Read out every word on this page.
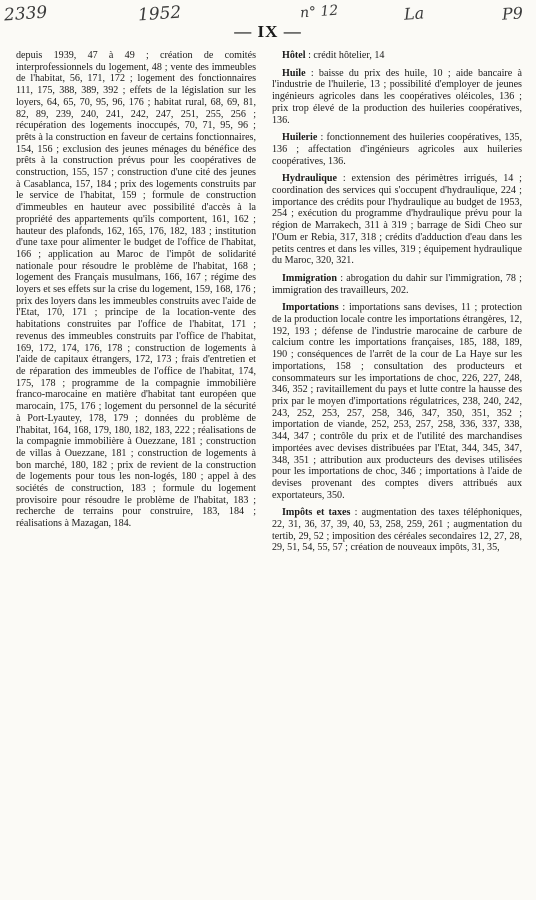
2339	1952	n° 12	La	P9
— IX —

depuis 1939, 47 à 49 ; création de comités interprofessionnels du logement, 48 ; vente des immeubles de l'habitat, 56, 171, 172 ; logement des fonctionnaires 111, 175, 388, 389, 392 ; effets de la législation sur les loyers, 64, 65, 70, 95, 96, 176 ; habitat rural, 68, 69, 81, 82, 89, 239, 240, 241, 242, 247, 251, 255, 256 ; récupération des logements inoccupés, 70, 71, 95, 96 ; prêts à la construction en faveur de certains fonctionnaires, 154, 156 ; exclusion des jeunes ménages du bénéfice des prêts à la construction prévus pour les coopératives de construction, 155, 157 ; construction d'une cité des jeunes à Casablanca, 157, 184 ; prix des logements construits par le service de l'habitat, 159 ; formule de construction d'immeubles en hauteur avec possibilité d'accès à la propriété des appartements qu'ils comportent, 161, 162 ; hauteur des plafonds, 162, 165, 176, 182, 183 ; institution d'une taxe pour alimenter le budget de l'office de l'habitat, 166 ; application au Maroc de l'impôt de solidarité nationale pour résoudre le problème de l'habitat, 168 ; logement des Français musulmans, 166, 167 ; régime des loyers et ses effets sur la crise du logement, 159, 168, 176 ; prix des loyers dans les immeubles construits avec l'aide de l'Etat, 170, 171 ; principe de la location-vente des habitations construites par l'office de l'habitat, 171 ; revenus des immeubles construits par l'office de l'habitat, 169, 172, 174, 176, 178 ; construction de logements à l'aide de capitaux étrangers, 172, 173 ; frais d'entretien et de réparation des immeubles de l'office de l'habitat, 174, 175, 178 ; programme de la compagnie immobilière franco-marocaine en matière d'habitat tant européen que marocain, 175, 176 ; logement du personnel de la sécurité à Port-Lyautey, 178, 179 ; données du problème de l'habitat, 164, 168, 179, 180, 182, 183, 222 ; réalisations de la compagnie immobilière à Ouezzane, 181 ; construction de villas à Ouezzane, 181 ; construction de logements à bon marché, 180, 182 ; prix de revient de la construction de logements pour tous les non-logés, 180 ; appel à des sociétés de construction, 183 ; formule du logement provisoire pour résoudre le problème de l'habitat, 183 ; recherche de terrains pour construire, 183, 184 ; réalisations à Mazagan, 184.

Hôtel : crédit hôtelier, 14

Huile : baisse du prix des huile, 10 ; aide bancaire à l'industrie de l'huilerie, 13 ; possibilité d'employer de jeunes ingénieurs agricoles dans les coopératives oléicoles, 136 ; prix trop élevé de la production des huileries coopératives, 136.

Huilerie : fonctionnement des huileries coopératives, 135, 136 ; affectation d'ingénieurs agricoles aux huileries coopératives, 136.

Hydraulique : extension des périmètres irrigués, 14 ; coordination des services qui s'occupent d'hydraulique, 224 ; importance des crédits pour l'hydraulique au budget de 1953, 254 ; exécution du programme d'hydraulique prévu pour la région de Marrakech, 311 à 319 ; barrage de Sidi Cheo sur l'Oum er Rebia, 317, 318 ; crédits d'adduction d'eau dans les petits centres et dans les villes, 319 ; équipement hydraulique du Maroc, 320, 321.

Immigration : abrogation du dahir sur l'immigration, 78 ; immigration des travailleurs, 202.

Importations : importations sans devises, 11 ; protection de la production locale contre les importations étrangères, 12, 192, 193 ; défense de l'industrie marocaine de carbure de calcium contre les importations françaises, 185, 188, 189, 190 ; conséquences de l'arrêt de la cour de La Haye sur les importations, 158 ; consultation des producteurs et consommateurs sur les importations de choc, 226, 227, 248, 346, 352 ; ravitaillement du pays et lutte contre la hausse des prix par le moyen d'importations régulatrices, 238, 240, 242, 243, 252, 253, 257, 258, 346, 347, 350, 351, 352 ; importation de viande, 252, 253, 257, 258, 336, 337, 338, 344, 347 ; contrôle du prix et de l'utilité des marchandises importées avec devises distribuées par l'Etat, 344, 345, 347, 348, 351 ; attribution aux producteurs des devises utilisées pour les importations de choc, 346 ; importations à l'aide de devises provenant des comptes divers attribués aux exportateurs, 350.

Impôts et taxes : augmentation des taxes téléphoniques, 22, 31, 36, 37, 39, 40, 53, 258, 259, 261 ; augmentation du tertib, 29, 52 ; imposition des céréales secondaires 12, 27, 28, 29, 51, 54, 55, 57 ; création de nouveaux impôts, 31, 35,
